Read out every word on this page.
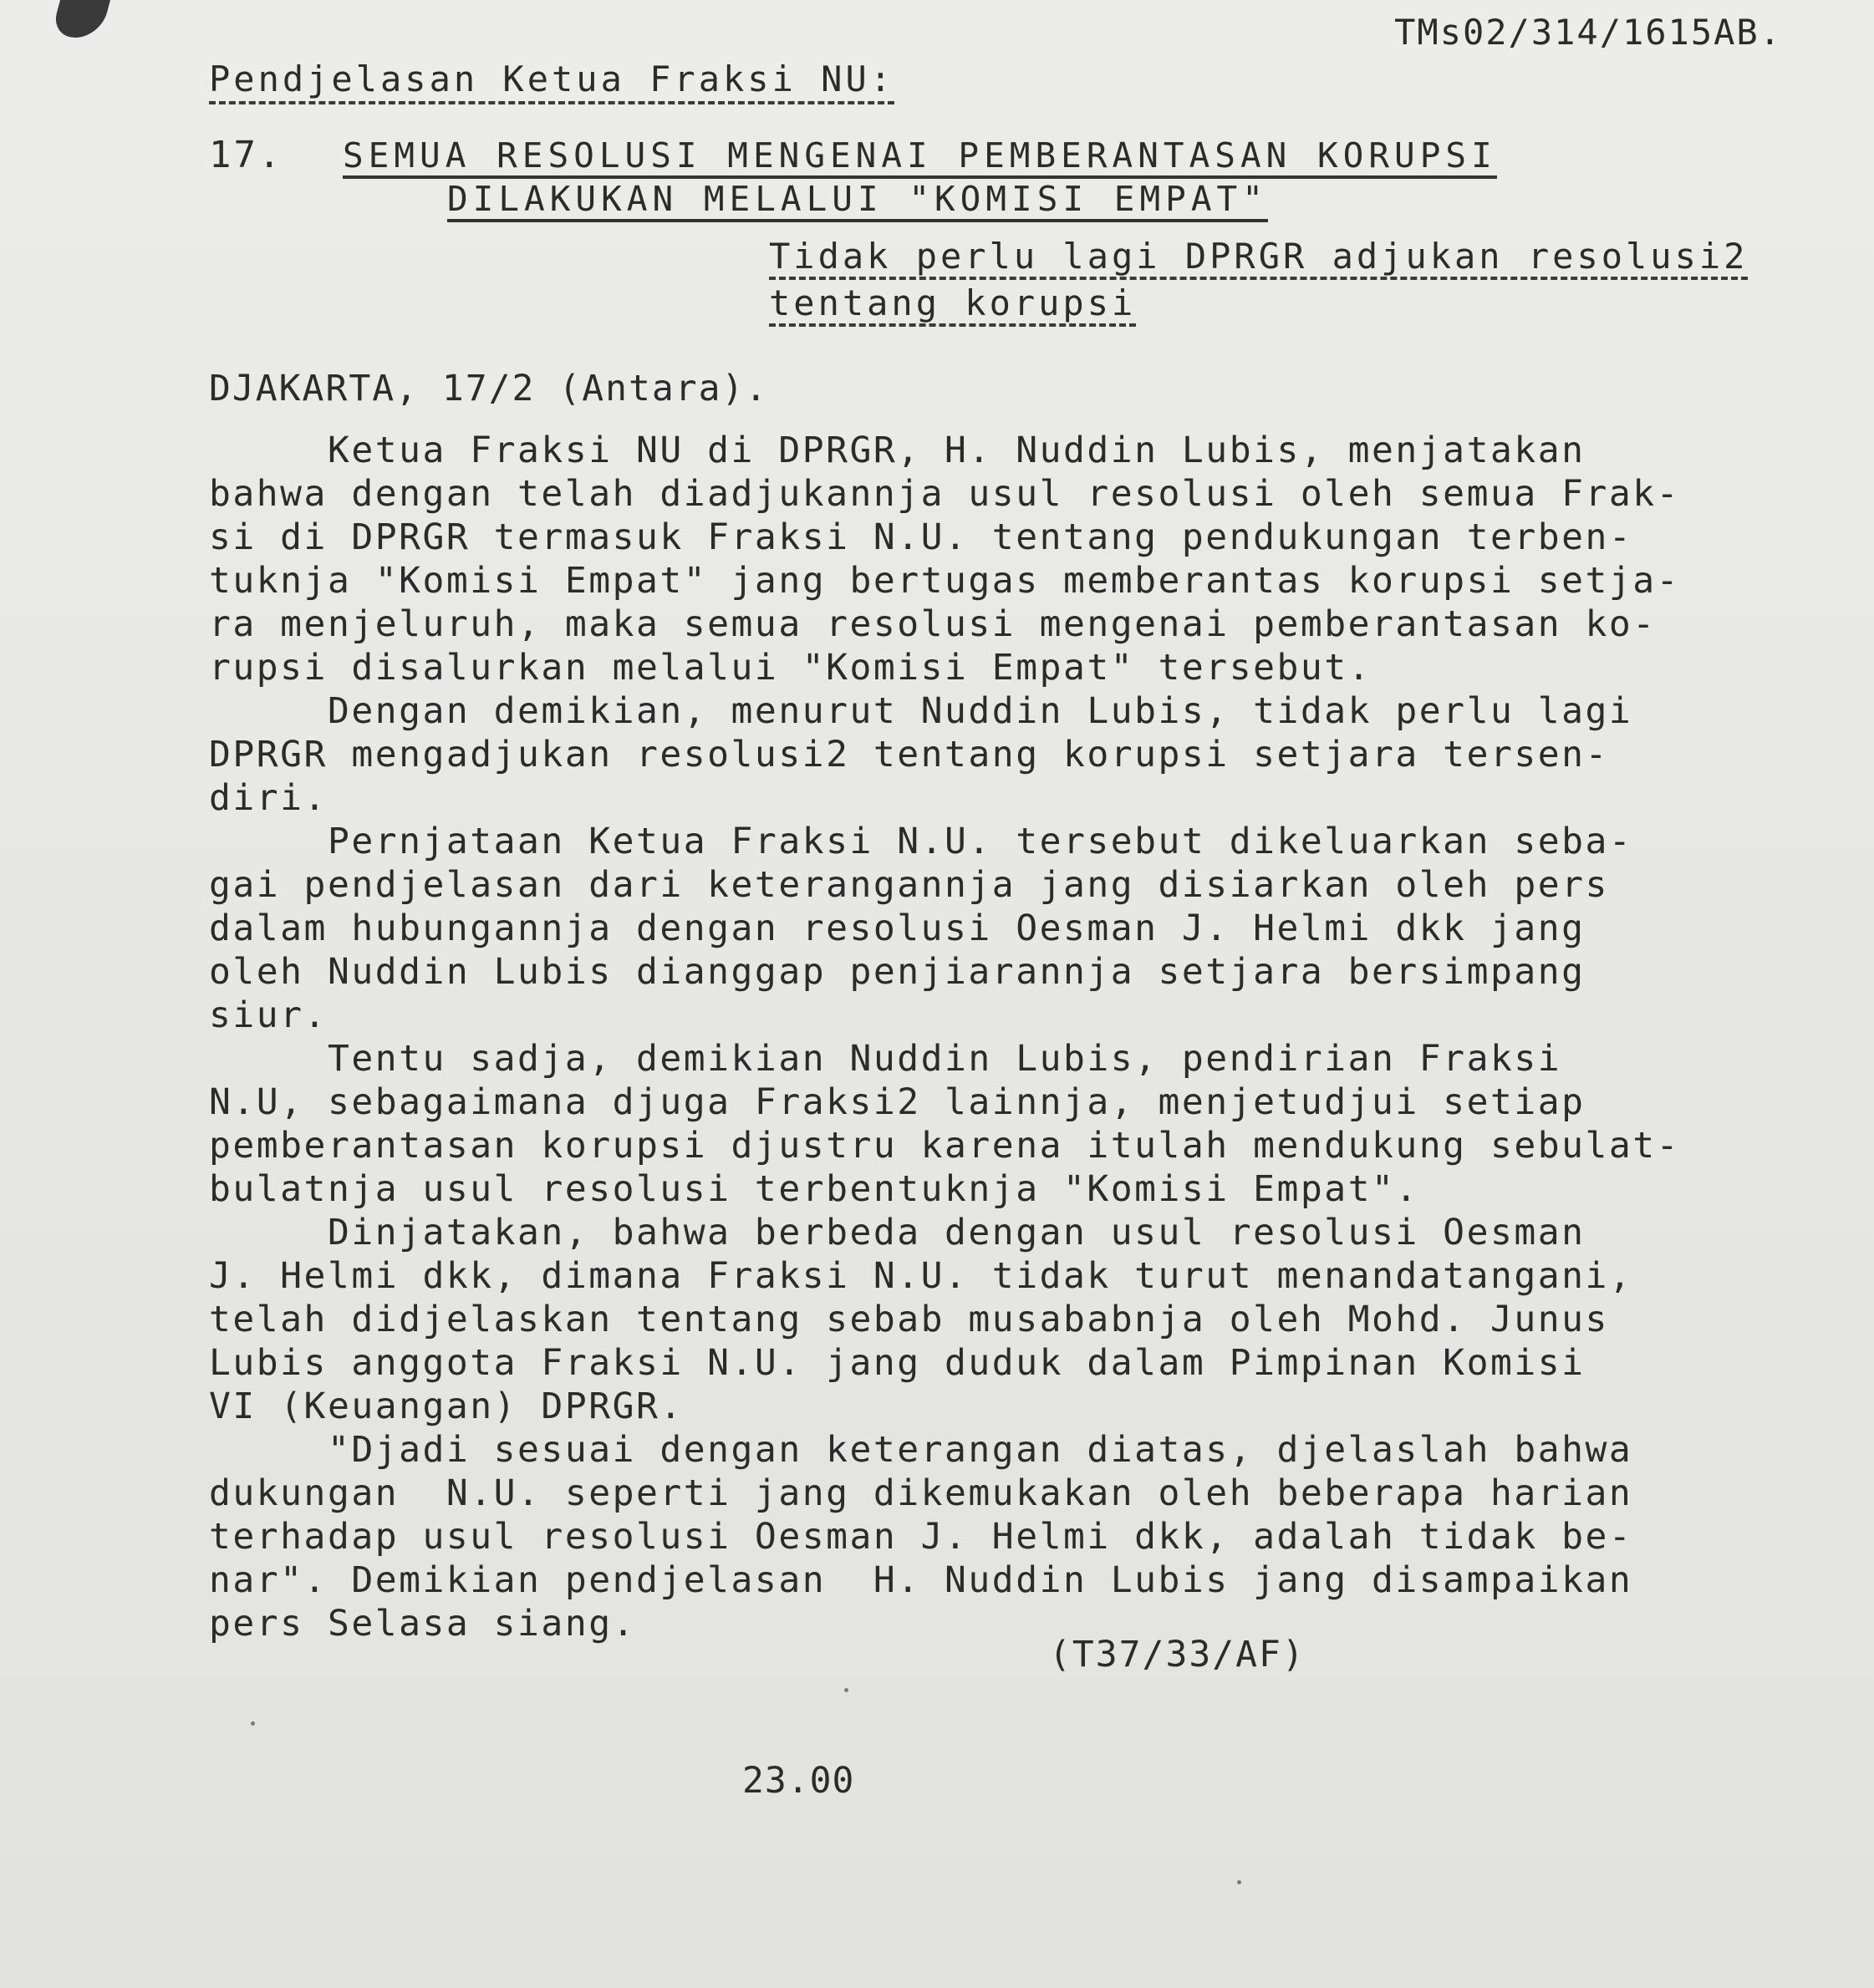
TMs02/314/1615AB.
Pendjelasan Ketua Fraksi NU:
17. SEMUA RESOLUSI MENGENAI PEMBERANTASAN KORUPSI
DILAKUKAN MELALUI "KOMISI EMPAT"
Tidak perlu lagi DPRGR adjukan resolusi2
tentang korupsi
DJAKARTA, 17/2 (Antara).
Ketua Fraksi NU di DPRGR, H. Nuddin Lubis, menjatakan
bahwa dengan telah diadjukannja usul resolusi oleh semua Frak-
si di DPRGR termasuk Fraksi N.U. tentang pendukungan terben-
tuknja "Komisi Empat" jang bertugas memberantas korupsi setja-
ra menjeluruh, maka semua resolusi mengenai pemberantasan ko-
rupsi disalurkan melalui "Komisi Empat" tersebut.
Dengan demikian, menurut Nuddin Lubis, tidak perlu lagi
DPRGR mengadjukan resolusi2 tentang korupsi setjara tersen-
diri.
Pernjataan Ketua Fraksi N.U. tersebut dikeluarkan seba-
gai pendjelasan dari keterangannja jang disiarkan oleh pers
dalam hubungannja dengan resolusi Oesman J. Helmi dkk jang
oleh Nuddin Lubis dianggap penjiarannja setjara bersimpang
siur.
Tentu sadja, demikian Nuddin Lubis, pendirian Fraksi
N.U, sebagaimana djuga Fraksi2 lainnja, menjetudjui setiap
pemberantasan korupsi djustru karena itulah mendukung sebulat-
bulatnja usul resolusi terbentuknja "Komisi Empat".
Dinjatakan, bahwa berbeda dengan usul resolusi Oesman
J. Helmi dkk, dimana Fraksi N.U. tidak turut menandatangani,
telah didjelaskan tentang sebab musababnja oleh Mohd. Junus
Lubis anggota Fraksi N.U. jang duduk dalam Pimpinan Komisi
VI (Keuangan) DPRGR.
"Djadi sesuai dengan keterangan diatas, djelaslah bahwa
dukungan  N.U. seperti jang dikemukakan oleh beberapa harian
terhadap usul resolusi Oesman J. Helmi dkk, adalah tidak be-
nar". Demikian pendjelasan  H. Nuddin Lubis jang disampaikan
pers Selasa siang.
(T37/33/AF)
23.00
